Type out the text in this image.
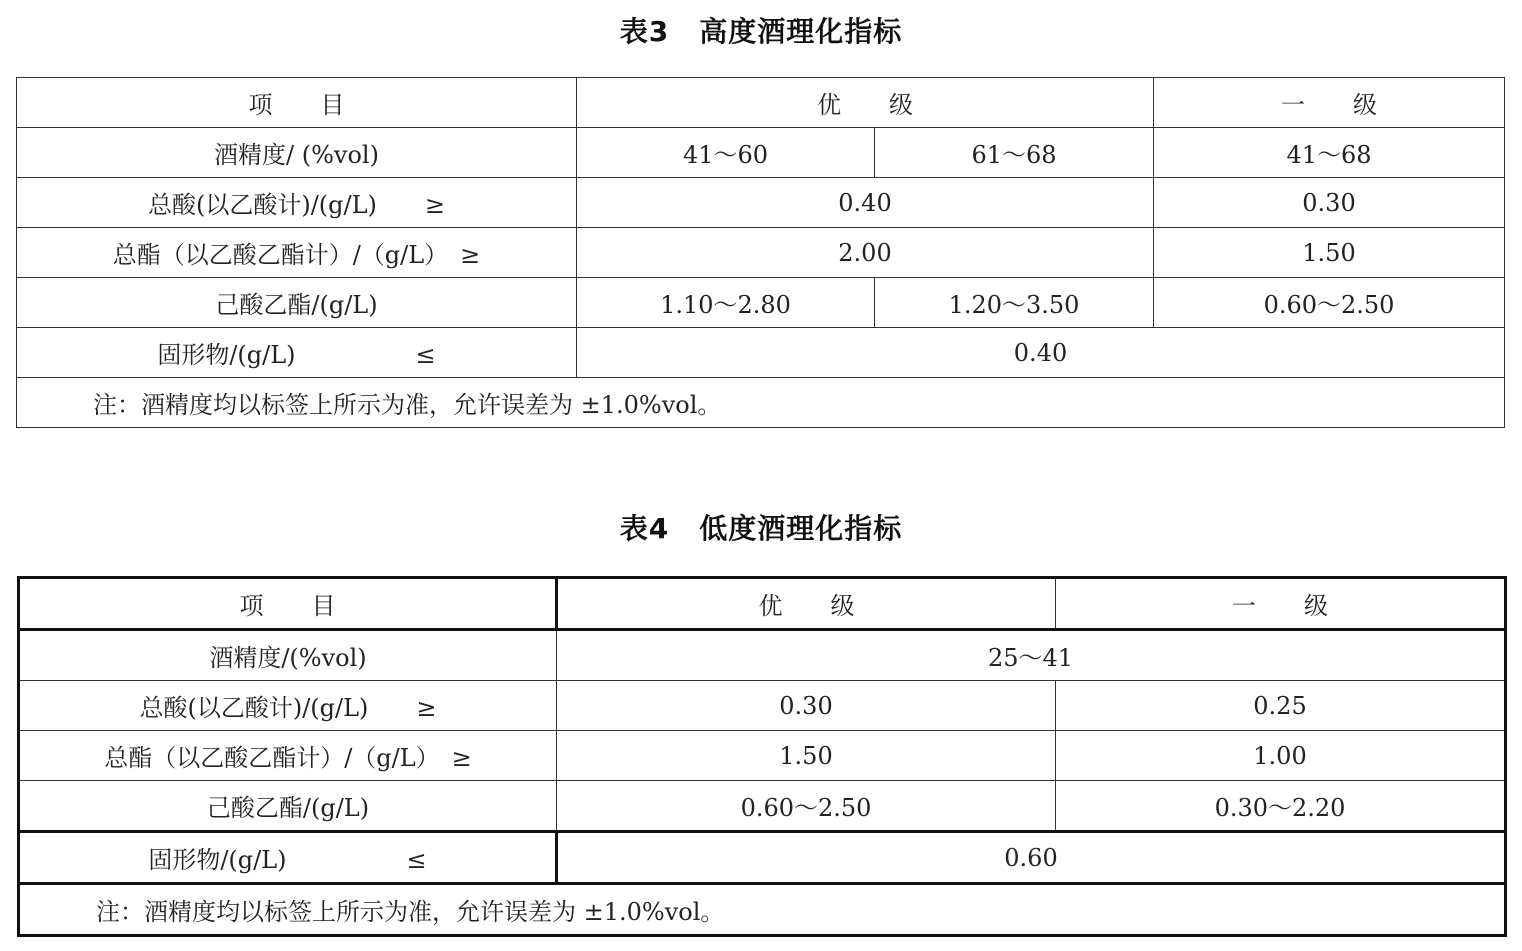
表3 高度酒理化指标
项　　目	优　　级		一　　级
酒精度/ (%vol)	41～60	61～68	41～68
总酸(以乙酸计)/(g/L)　　≥	0.40		0.30
总酯（以乙酸乙酯计）/（g/L）　≥	2.00		1.50
己酸乙酯/(g/L)	1.10～2.80	1.20～3.50	0.60～2.50
固形物/(g/L)　　　　　≤	0.40		
注：酒精度均以标签上所示为准，允许误差为 ±1.0%vol。			
表4 低度酒理化指标
项　　目	优　　级	一　　级
酒精度/(%vol)	25～41	
总酸(以乙酸计)/(g/L)　　≥	0.30	0.25
总酯（以乙酸乙酯计）/（g/L）　≥	1.50	1.00
己酸乙酯/(g/L)	0.60～2.50	0.30～2.20
固形物/(g/L)　　　　　≤	0.60	
注：酒精度均以标签上所示为准，允许误差为 ±1.0%vol。		
